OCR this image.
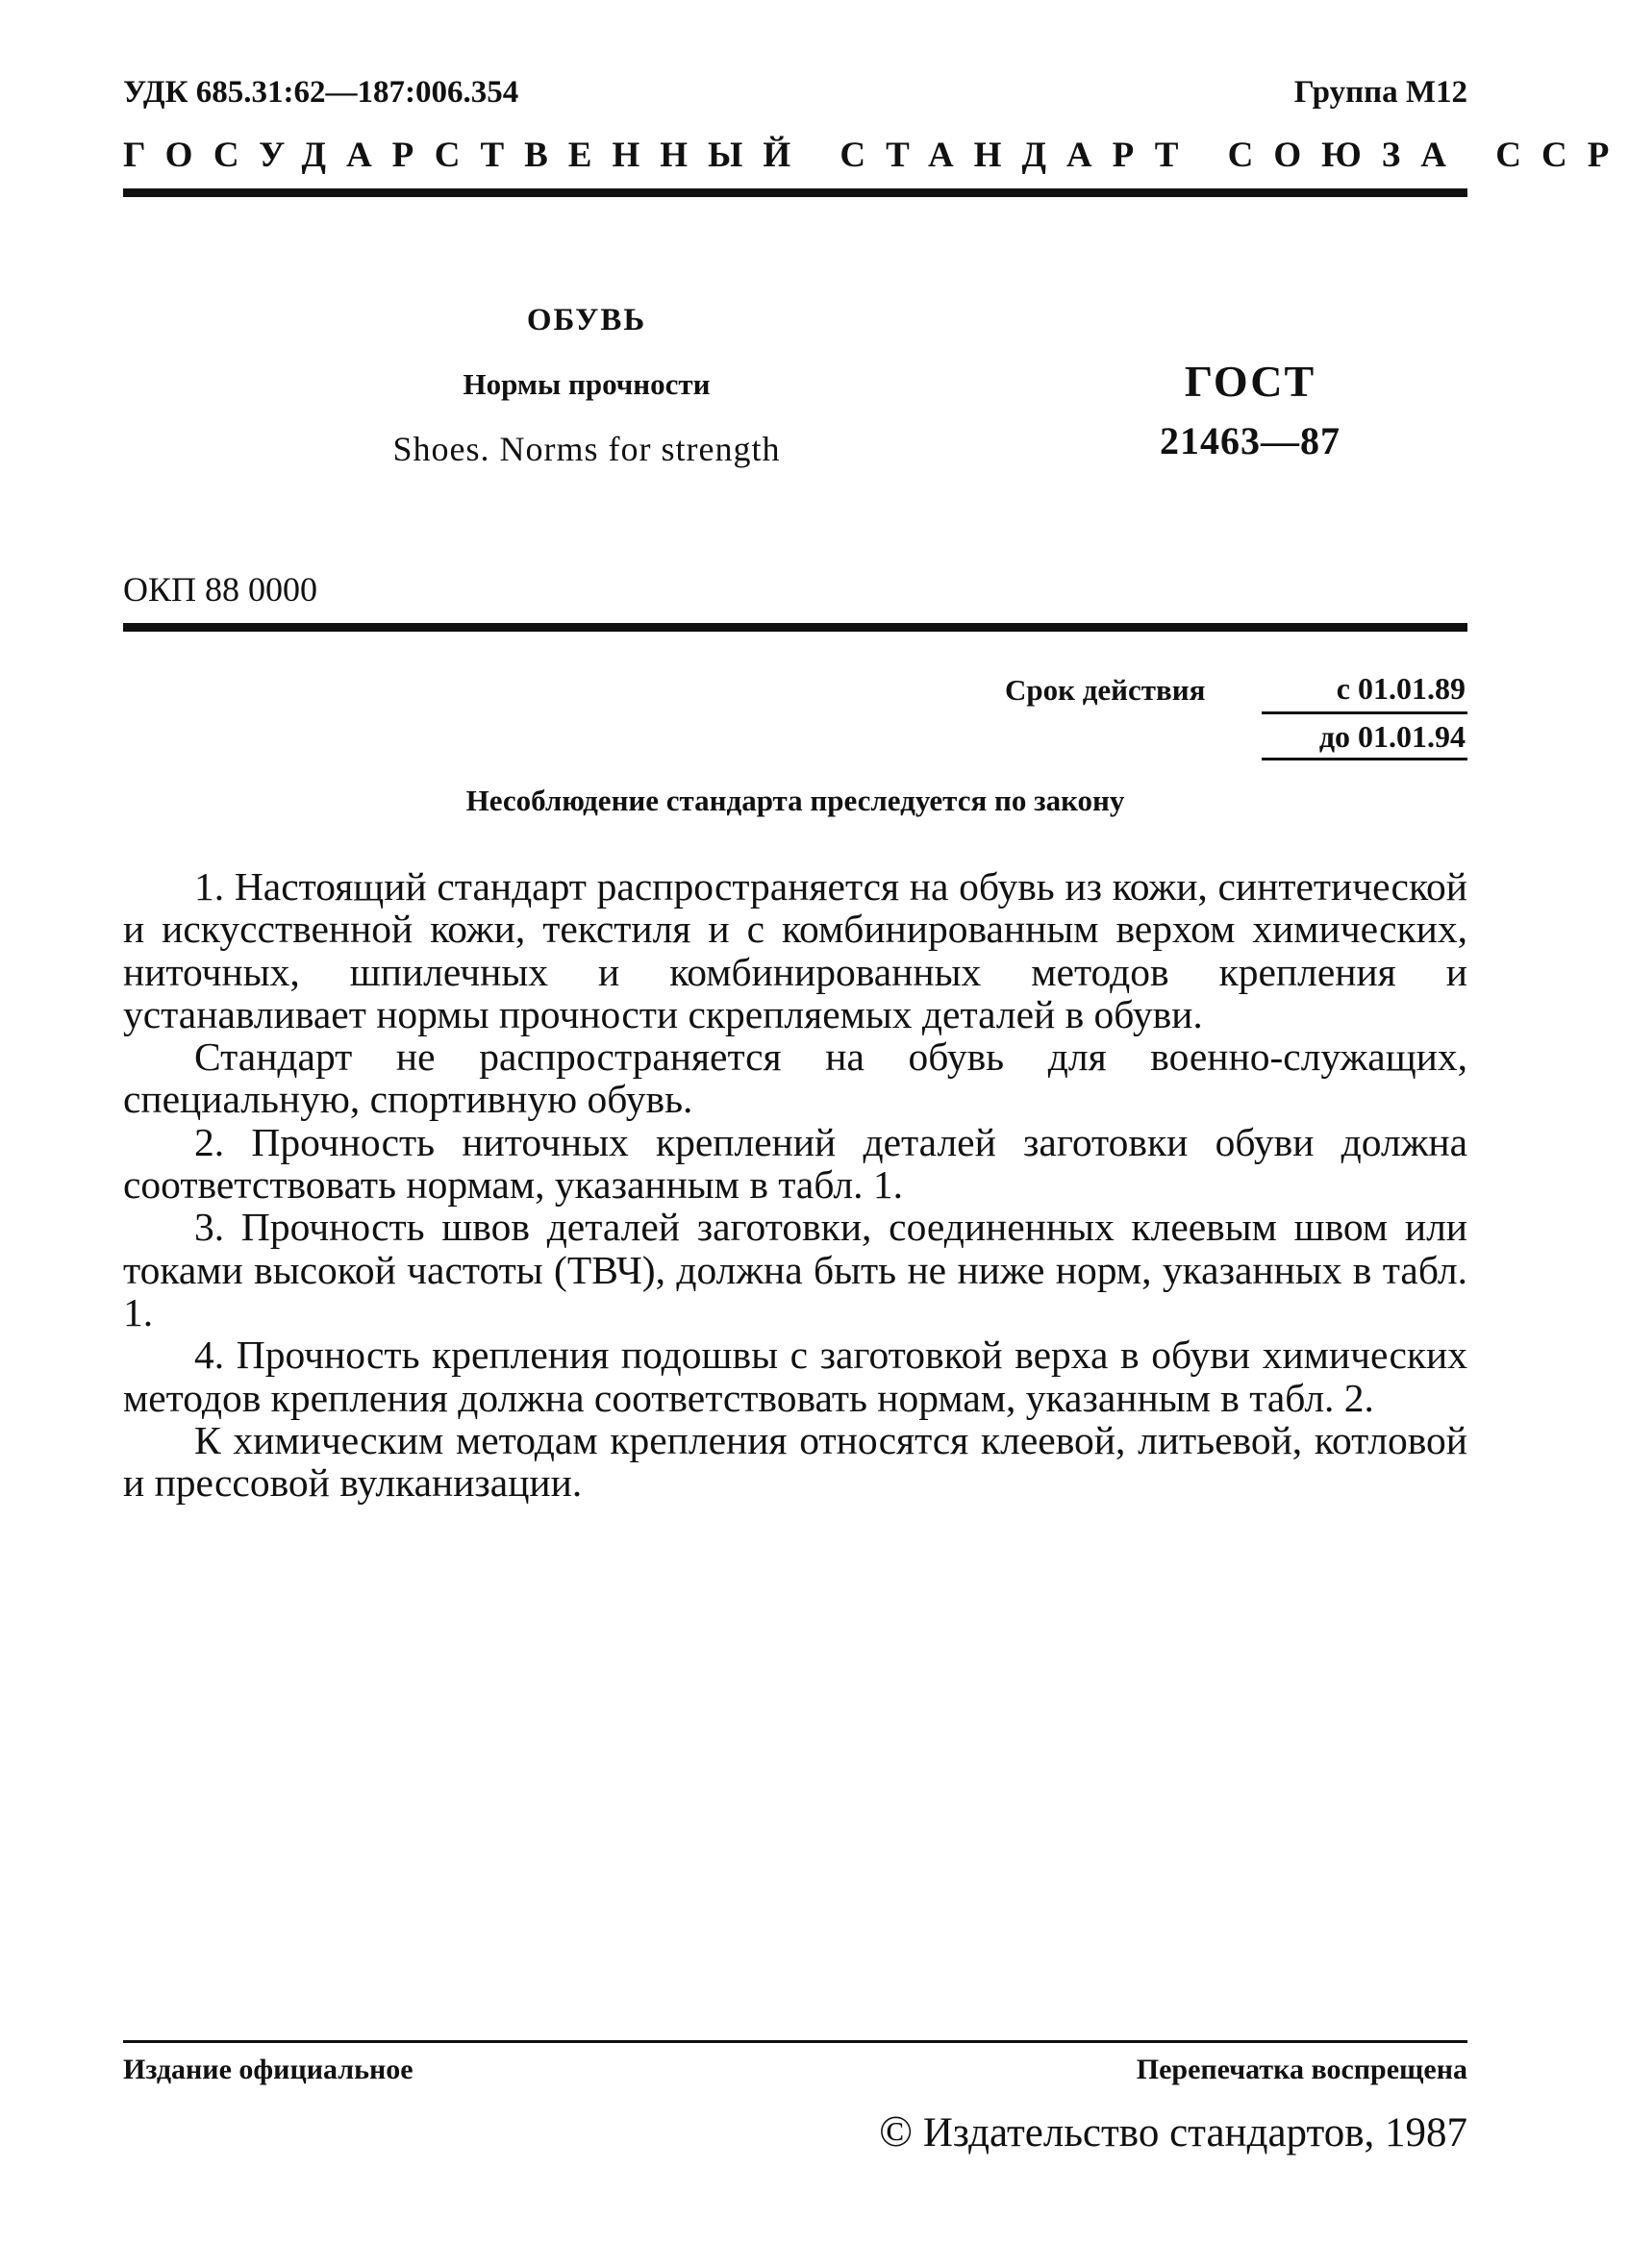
УДК 685.31:62—187:006.354	Группа М12
ГОСУДАРСТВЕННЫЙ СТАНДАРТ СОЮЗА ССР
ОБУВЬ
Нормы прочности
Shoes. Norms for strength
ГОСТ
21463—87
ОКП 88 0000
Срок действия	с 01.01.89
до 01.01.94
Несоблюдение стандарта преследуется по закону

1. Настоящий стандарт распространяется на обувь из кожи, синтетической и искусственной кожи, текстиля и с комбинированным верхом химических, ниточных, шпилечных и комбинированных методов крепления и устанавливает нормы прочности скрепляемых деталей в обуви.

Стандарт не распространяется на обувь для военно-служащих, специальную, спортивную обувь.

2. Прочность ниточных креплений деталей заготовки обуви должна соответствовать нормам, указанным в табл. 1.

3. Прочность швов деталей заготовки, соединенных клеевым швом или токами высокой частоты (ТВЧ), должна быть не ниже норм, указанных в табл. 1.

4. Прочность крепления подошвы с заготовкой верха в обуви химических методов крепления должна соответствовать нормам, указанным в табл. 2.

К химическим методам крепления относятся клеевой, литьевой, котловой и прессовой вулканизации.

Издание официальное	Перепечатка воспрещена
© Издательство стандартов, 1987
